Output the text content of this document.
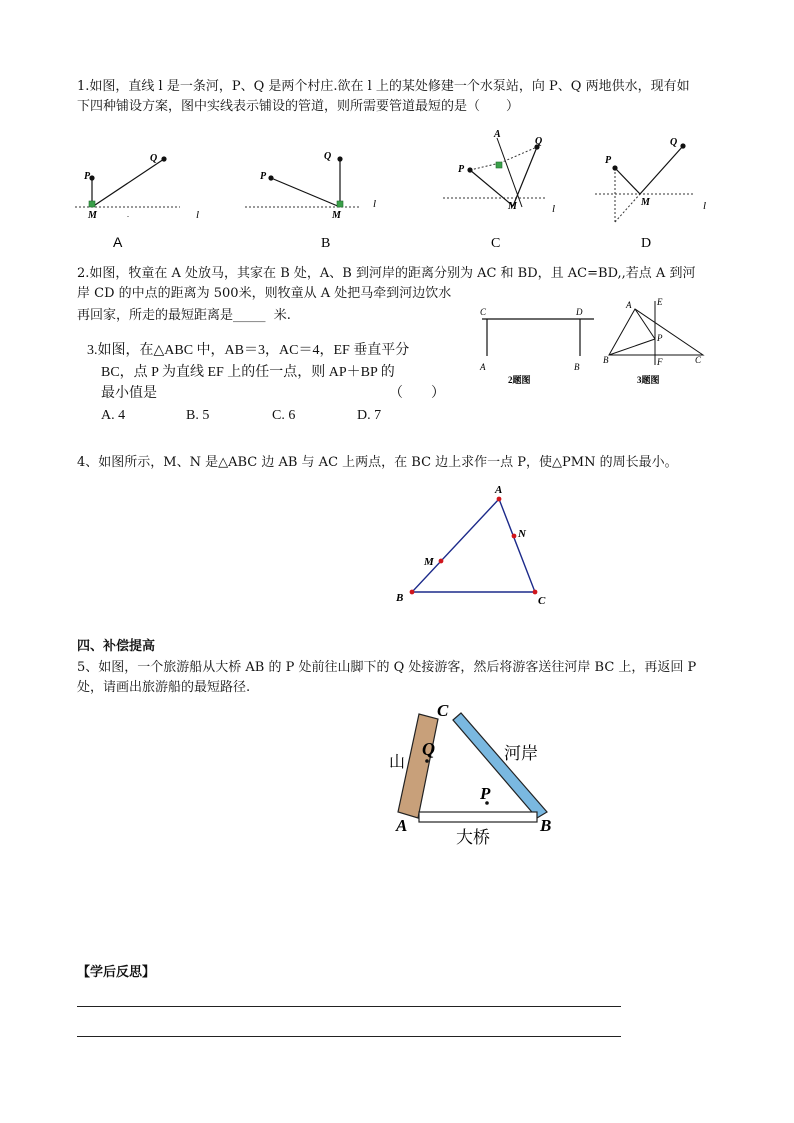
1.如图，直线 l 是一条河，P、Q 是两个村庄.欲在 l 上的某处修建一个水泵站，向 P、Q 两地供水，现有如
下四种铺设方案，图中实线表示铺设的管道，则所需要管道最短的是（　　）
P
Q
M	.	l
P
Q
M
l
A
P
Q
M	l
P
Q
M	l
A	B	C	D
2.如图，牧童在 A 处放马，其家在 B 处，A、B 到河岸的距离分别为 AC 和 BD，且 AC=BD,,若点 A 到河
岸 CD 的中点的距离为 500米，则牧童从 A 处把马牵到河边饮水
再回家，所走的最短距离是_____ 米.	C	D
A	B
2题图
A	E
P
B	F	C
3题图
3.如图，在△ABC 中，AB＝3，AC＝4，EF 垂直平分
BC，点 P 为直线 EF 上的任一点，则 AP＋BP 的
最小值是	（　　）
A. 4	B. 5	C. 6	D. 7
4、如图所示，M、N 是△ABC 边 AB 与 AC 上两点，在 BC 边上求作一点 P，使△PMN 的周长最小。
A
N
M
B	C
四、补偿提高
5、如图，一个旅游船从大桥 AB 的 P 处前往山脚下的 Q 处接游客，然后将游客送往河岸 BC 上，再返回 P
处，请画出旅游船的最短路径.
C
Q
山	河岸
P
A	B
大桥
【学后反思】
